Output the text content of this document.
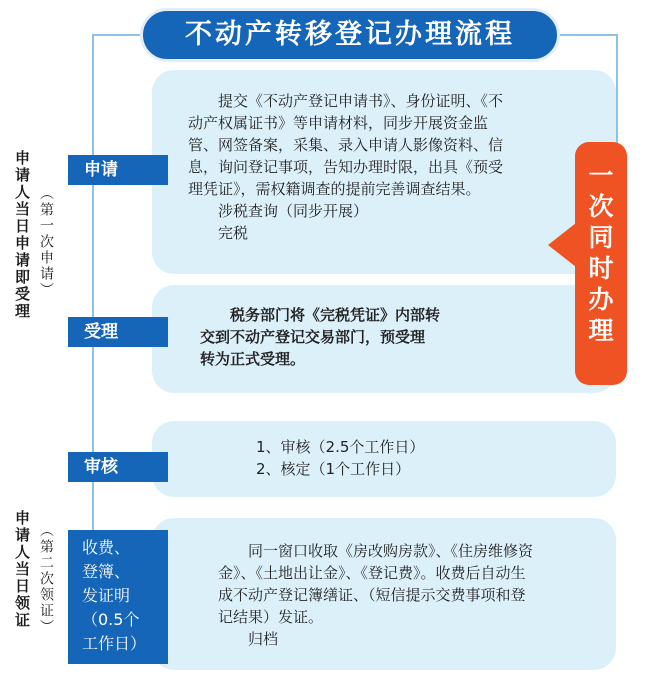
不动产转移登记办理流程
申请人当日申请即受理 （第一次申请）
申请人当日领证 （第二次领证）

　　提交《不动产登记申请书》、身份证明、《不

动产权属证书》等申请材料，同步开展资金监

管、网签备案，采集、录入申请人影像资料、信

息，询问登记事项，告知办理时限，出具《预受

理凭证》，需权籍调查的提前完善调查结果。

　　涉税查询（同步开展）

　　完税

申请

　　税务部门将《完税凭证》内部转

交到不动产登记交易部门，预受理

转为正式受理。

受理

1、审核（2.5个工作日）

2、核定（1个工作日）

审核

　　同一窗口收取《房改购房款》、《住房维修资

金》、《土地出让金》、《登记费》。收费后自动生

成不动产登记簿缮证、（短信提示交费事项和登

记结果）发证。

　　归档

收费、
登簿、
发证明
（0.5个
工作日）
一
次
同
时
办
理
